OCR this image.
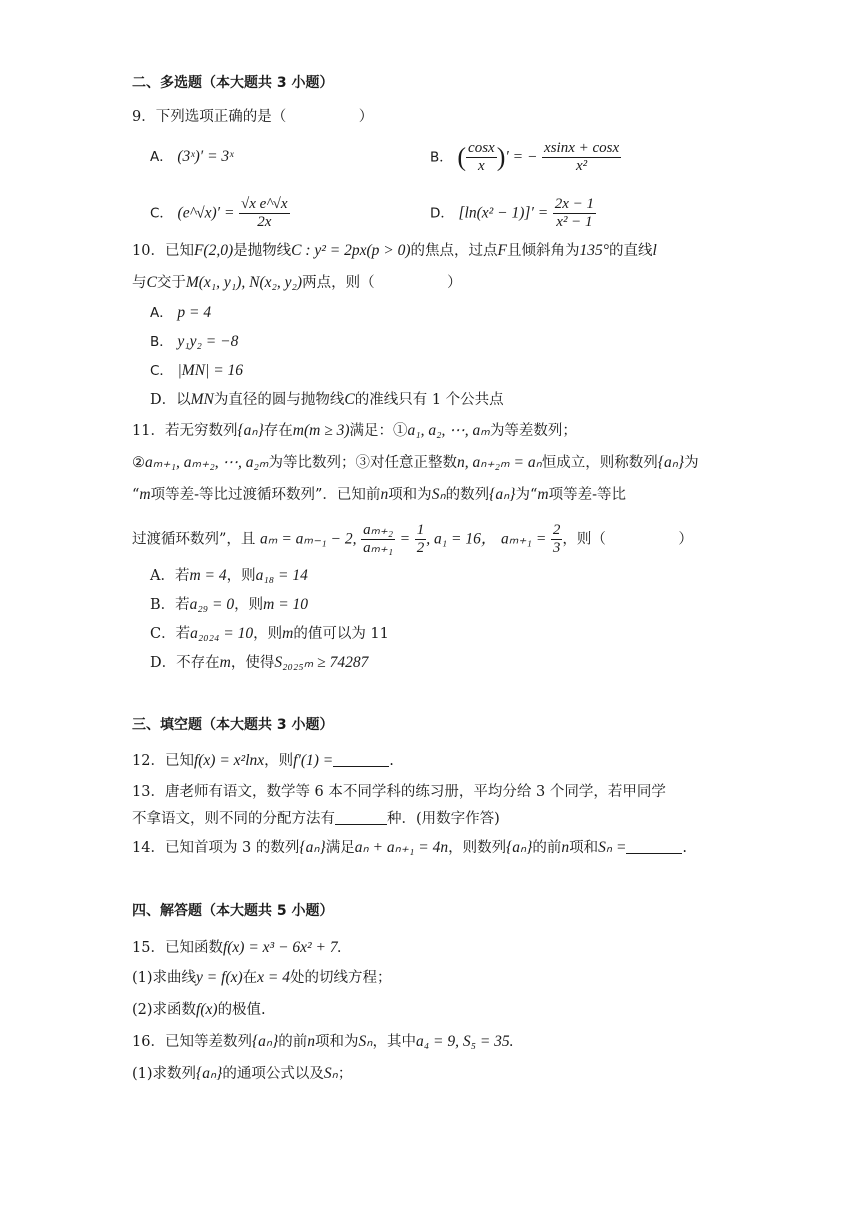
二、多选题（本大题共 3 小题）
9．下列选项正确的是（　　　　　）
A． (3ˣ)′ = 3ˣ	B． ( $\frac{\cos x}{x}$ )′ = − $\frac{xsinx + \cos x}{\text{x²}}$
C． (e^√x)′ = $\frac{\text{√x e\textasciicircum{}√x}}{2x}$	D． $[\ln(x^2 - 1)]' = \frac{2x - 1}{\text{x² − 1}}$
10．已知F(2,0)是抛物线C : y² = 2px(p > 0)的焦点，过点F且倾斜角为135°的直线l
与C交于M(x₁, y₁), N(x₂, y₂)两点，则（　　　　　）
A． p = 4
B． y₁y₂ = −8
C． |MN| = 16
D．以MN为直径的圆与抛物线C的准线只有 1 个公共点
11．若无穷数列{aₙ}存在m(m ≥ 3)满足：①a₁, a₂, ⋯, aₘ为等差数列；
②aₘ₊₁, aₘ₊₂, ⋯, a₂ₘ为等比数列；③对任意正整数n, aₙ₊₂ₘ = aₙ恒成立，则称数列{aₙ}为
“m项等差-等比过渡循环数列”．已知前n项和为Sₙ的数列{aₙ}为“m项等差-等比
过渡循环数列”，且 aₘ = aₘ₋₁ − 2, $\frac{\text{aₘ₊₂}}{\text{aₘ₊₁}} = \frac{1}{2}$ , a₁ = 16， $a_{m+1} = \frac{2}{3}$ ，则（　　　　　）
A．若m = 4，则a₁₈ = 14
B．若a₂₉ = 0，则m = 10
C．若a₂₀₂₄ = 10，则m的值可以为 11
D．不存在m，使得S₂₀₂₅ₘ ≥ 74287
三、填空题（本大题共 3 小题）
12．已知f(x) = x²lnx，则f′(1) =	.
13．唐老师有语文，数学等 6 本不同学科的练习册，平均分给 3 个同学，若甲同学
不拿语文，则不同的分配方法有	种．(用数字作答)
14．已知首项为 3 的数列{aₙ}满足aₙ + aₙ₊₁ = 4n，则数列{aₙ}的前n项和Sₙ =	.
四、解答题（本大题共 5 小题）
15．已知函数f(x) = x³ − 6x² + 7.
(1)求曲线y = f(x)在x = 4处的切线方程；
(2)求函数f(x)的极值.
16．已知等差数列{aₙ}的前n项和为Sₙ，其中a₄ = 9, S₅ = 35.
(1)求数列{aₙ}的通项公式以及Sₙ；
